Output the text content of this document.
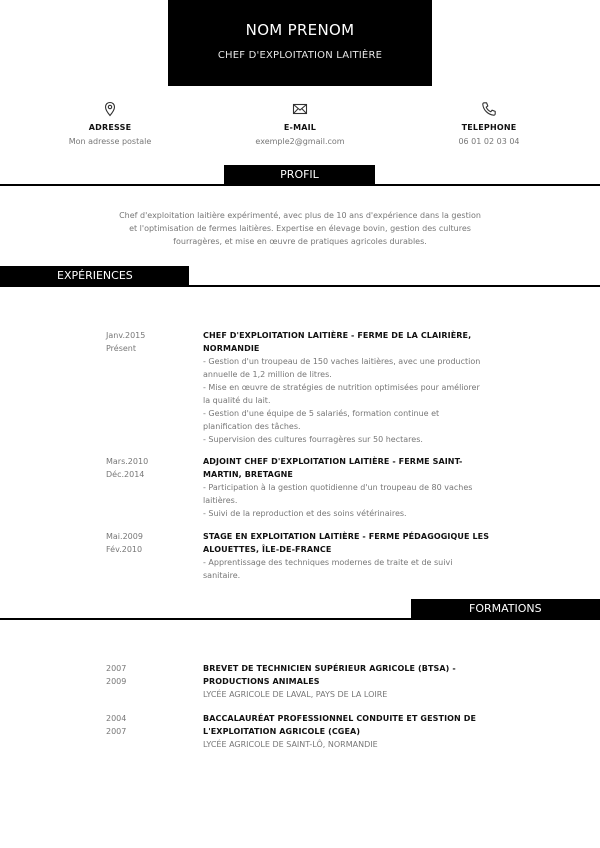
NOM PRENOM
CHEF D'EXPLOITATION LAITIÈRE
ADRESSE
Mon adresse postale
E-MAIL
exemple2@gmail.com
TELEPHONE
06 01 02 03 04
PROFIL
Chef d'exploitation laitière expérimenté, avec plus de 10 ans d'expérience dans la gestion
et l'optimisation de fermes laitières. Expertise en élevage bovin, gestion des cultures
fourragères, et mise en œuvre de pratiques agricoles durables.
EXPÉRIENCES
Janv.2015
Présent
CHEF D'EXPLOITATION LAITIÈRE - FERME DE LA CLAIRIÈRE,
NORMANDIE
- Gestion d'un troupeau de 150 vaches laitières, avec une production
annuelle de 1,2 million de litres.
- Mise en œuvre de stratégies de nutrition optimisées pour améliorer
la qualité du lait.
- Gestion d'une équipe de 5 salariés, formation continue et
planification des tâches.
- Supervision des cultures fourragères sur 50 hectares.
Mars.2010
Déc.2014
ADJOINT CHEF D'EXPLOITATION LAITIÈRE - FERME SAINT-
MARTIN, BRETAGNE
- Participation à la gestion quotidienne d'un troupeau de 80 vaches
laitières.
- Suivi de la reproduction et des soins vétérinaires.
Mai.2009
Fév.2010
STAGE EN EXPLOITATION LAITIÈRE - FERME PÉDAGOGIQUE LES
ALOUETTES, ÎLE-DE-FRANCE
- Apprentissage des techniques modernes de traite et de suivi
sanitaire.
FORMATIONS
2007
2009
BREVET DE TECHNICIEN SUPÉRIEUR AGRICOLE (BTSA) -
PRODUCTIONS ANIMALES
LYCÉE AGRICOLE DE LAVAL, PAYS DE LA LOIRE
2004
2007
BACCALAURÉAT PROFESSIONNEL CONDUITE ET GESTION DE
L'EXPLOITATION AGRICOLE (CGEA)
LYCÉE AGRICOLE DE SAINT-LÔ, NORMANDIE
